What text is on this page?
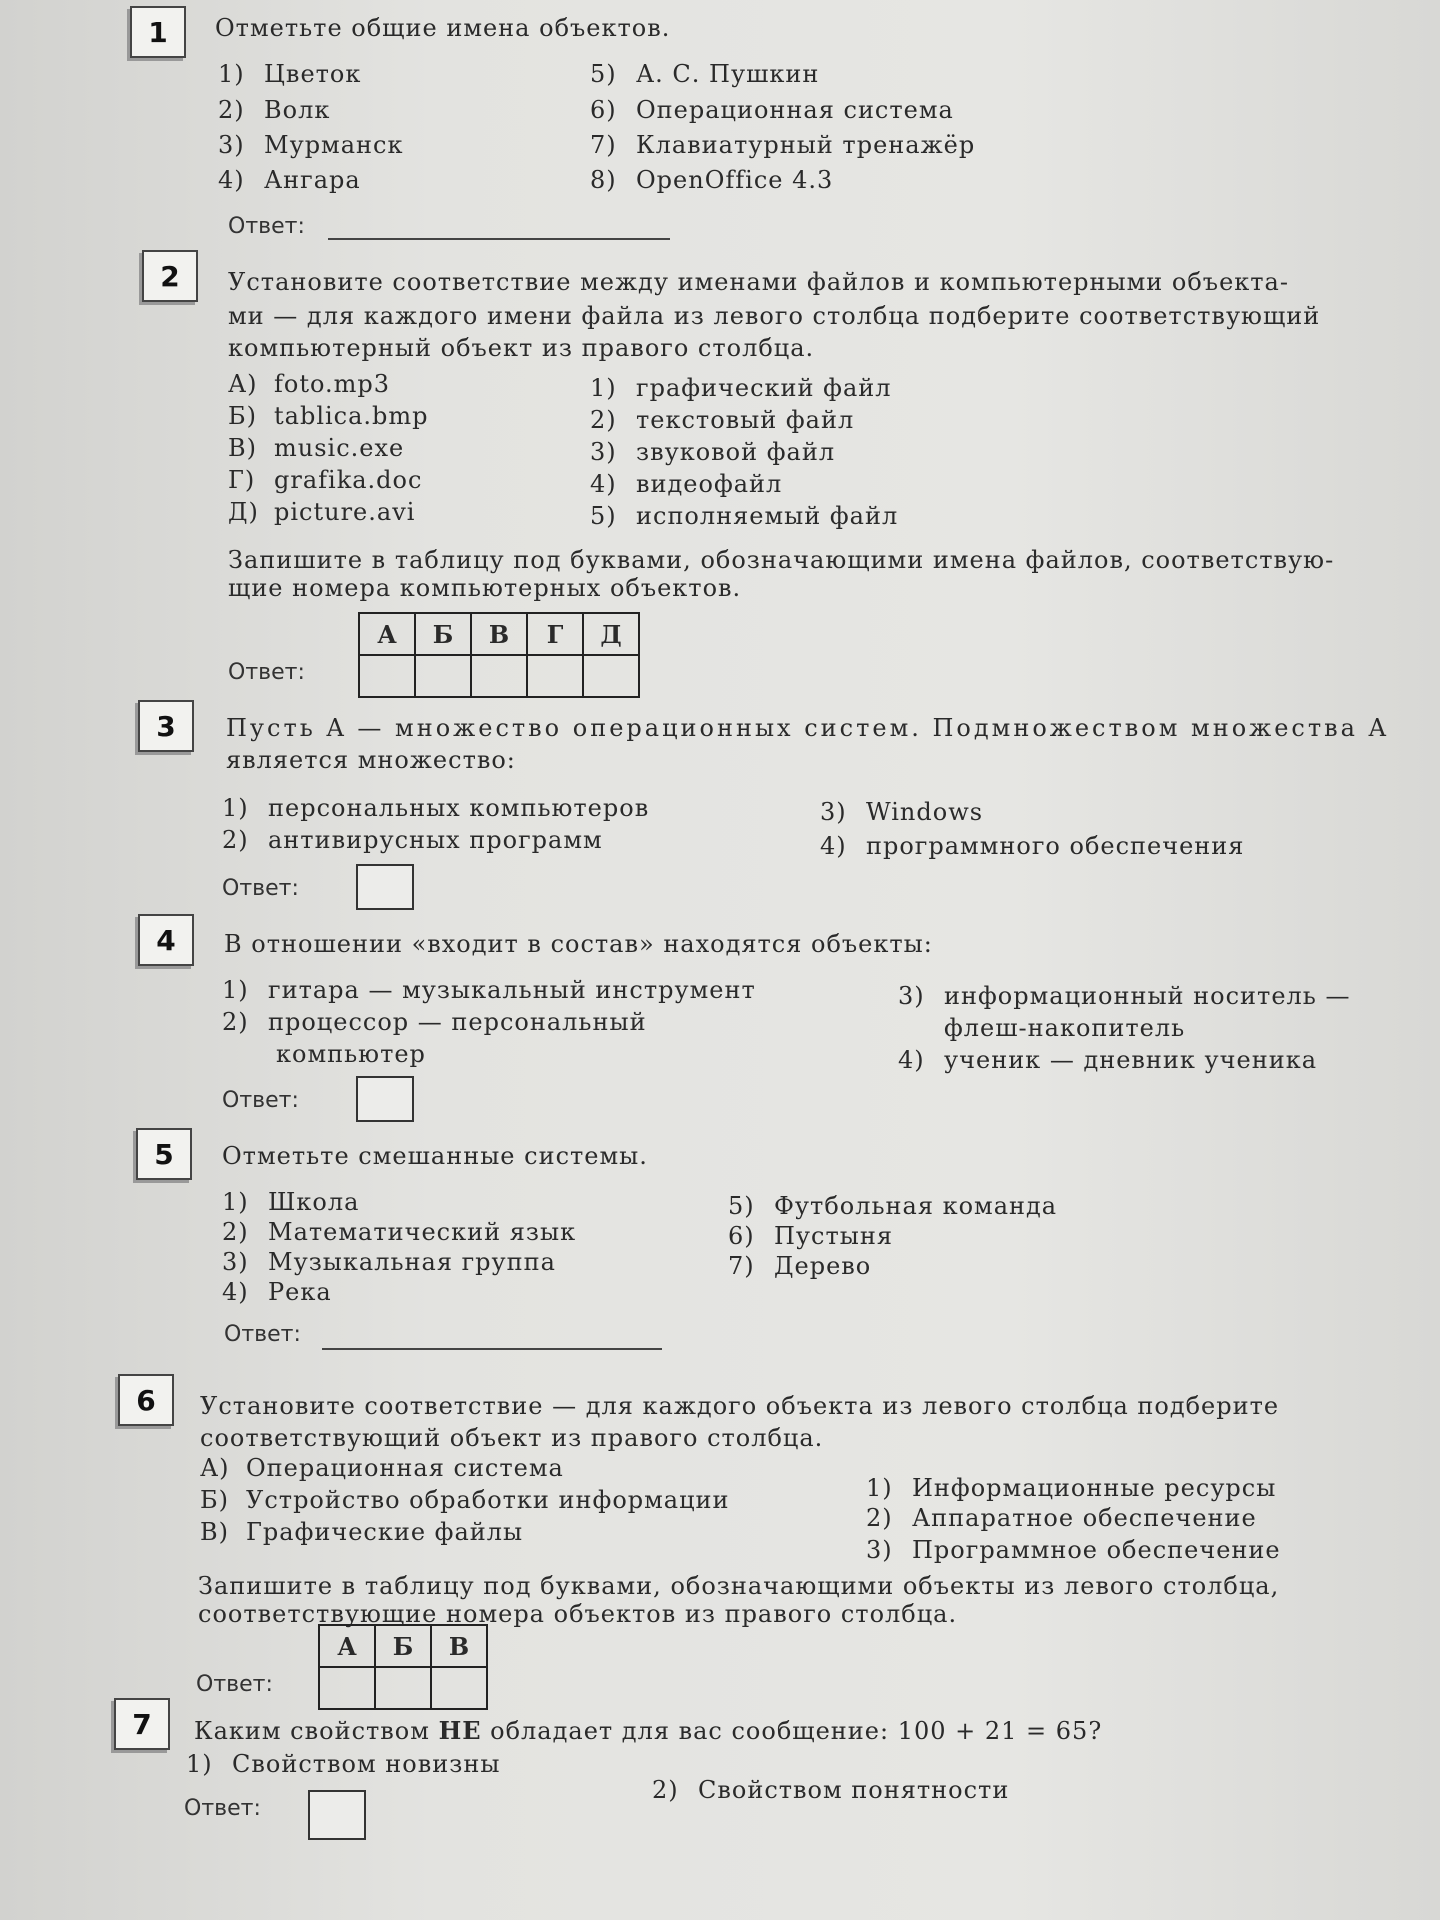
1	Отметьте общие имена объектов.
1) Цветок
2) Волк
3) Мурманск
4) Ангара
5) А. С. Пушкин
6) Операционная система
7) Клавиатурный тренажёр
8) OpenOffice 4.3
Ответ:
2	Установите соответствие между именами файлов и компьютерными объекта-
ми — для каждого имени файла из левого столбца подберите соответствующий
компьютерный объект из правого столбца.
А) foto.mp3
Б) tablica.bmp
В) music.exe
Г) grafika.doc
Д) picture.avi
1) графический файл
2) текстовый файл
3) звуковой файл
4) видеофайл
5) исполняемый файл
Запишите в таблицу под буквами, обозначающими имена файлов, соответствую-
щие номера компьютерных объектов.
Ответ:
А	Б	В	Г	Д

3	Пусть A — множество операционных систем. Подмножеством множества A
является множество:
1) персональных компьютеров
2) антивирусных программ
3) Windows
4) программного обеспечения
Ответ:
4	В отношении «входит в состав» находятся объекты:
1) гитара — музыкальный инструмент
2) процессор — персональный
компьютер
3) информационный носитель —
флеш-накопитель
4) ученик — дневник ученика
Ответ:
5	Отметьте смешанные системы.
1) Школа
2) Математический язык
3) Музыкальная группа
4) Река
5) Футбольная команда
6) Пустыня
7) Дерево
Ответ:
6	Установите соответствие — для каждого объекта из левого столбца подберите
соответствующий объект из правого столбца.
А) Операционная система
Б) Устройство обработки информации
В) Графические файлы
1) Информационные ресурсы
2) Аппаратное обеспечение
3) Программное обеспечение
Запишите в таблицу под буквами, обозначающими объекты из левого столбца,
соответствующие номера объектов из правого столбца.
Ответ:
А	Б	В

7	Каким свойством НЕ обладает для вас сообщение: 100 + 21 = 65?
1) Свойством новизны
2) Свойством понятности
Ответ:
